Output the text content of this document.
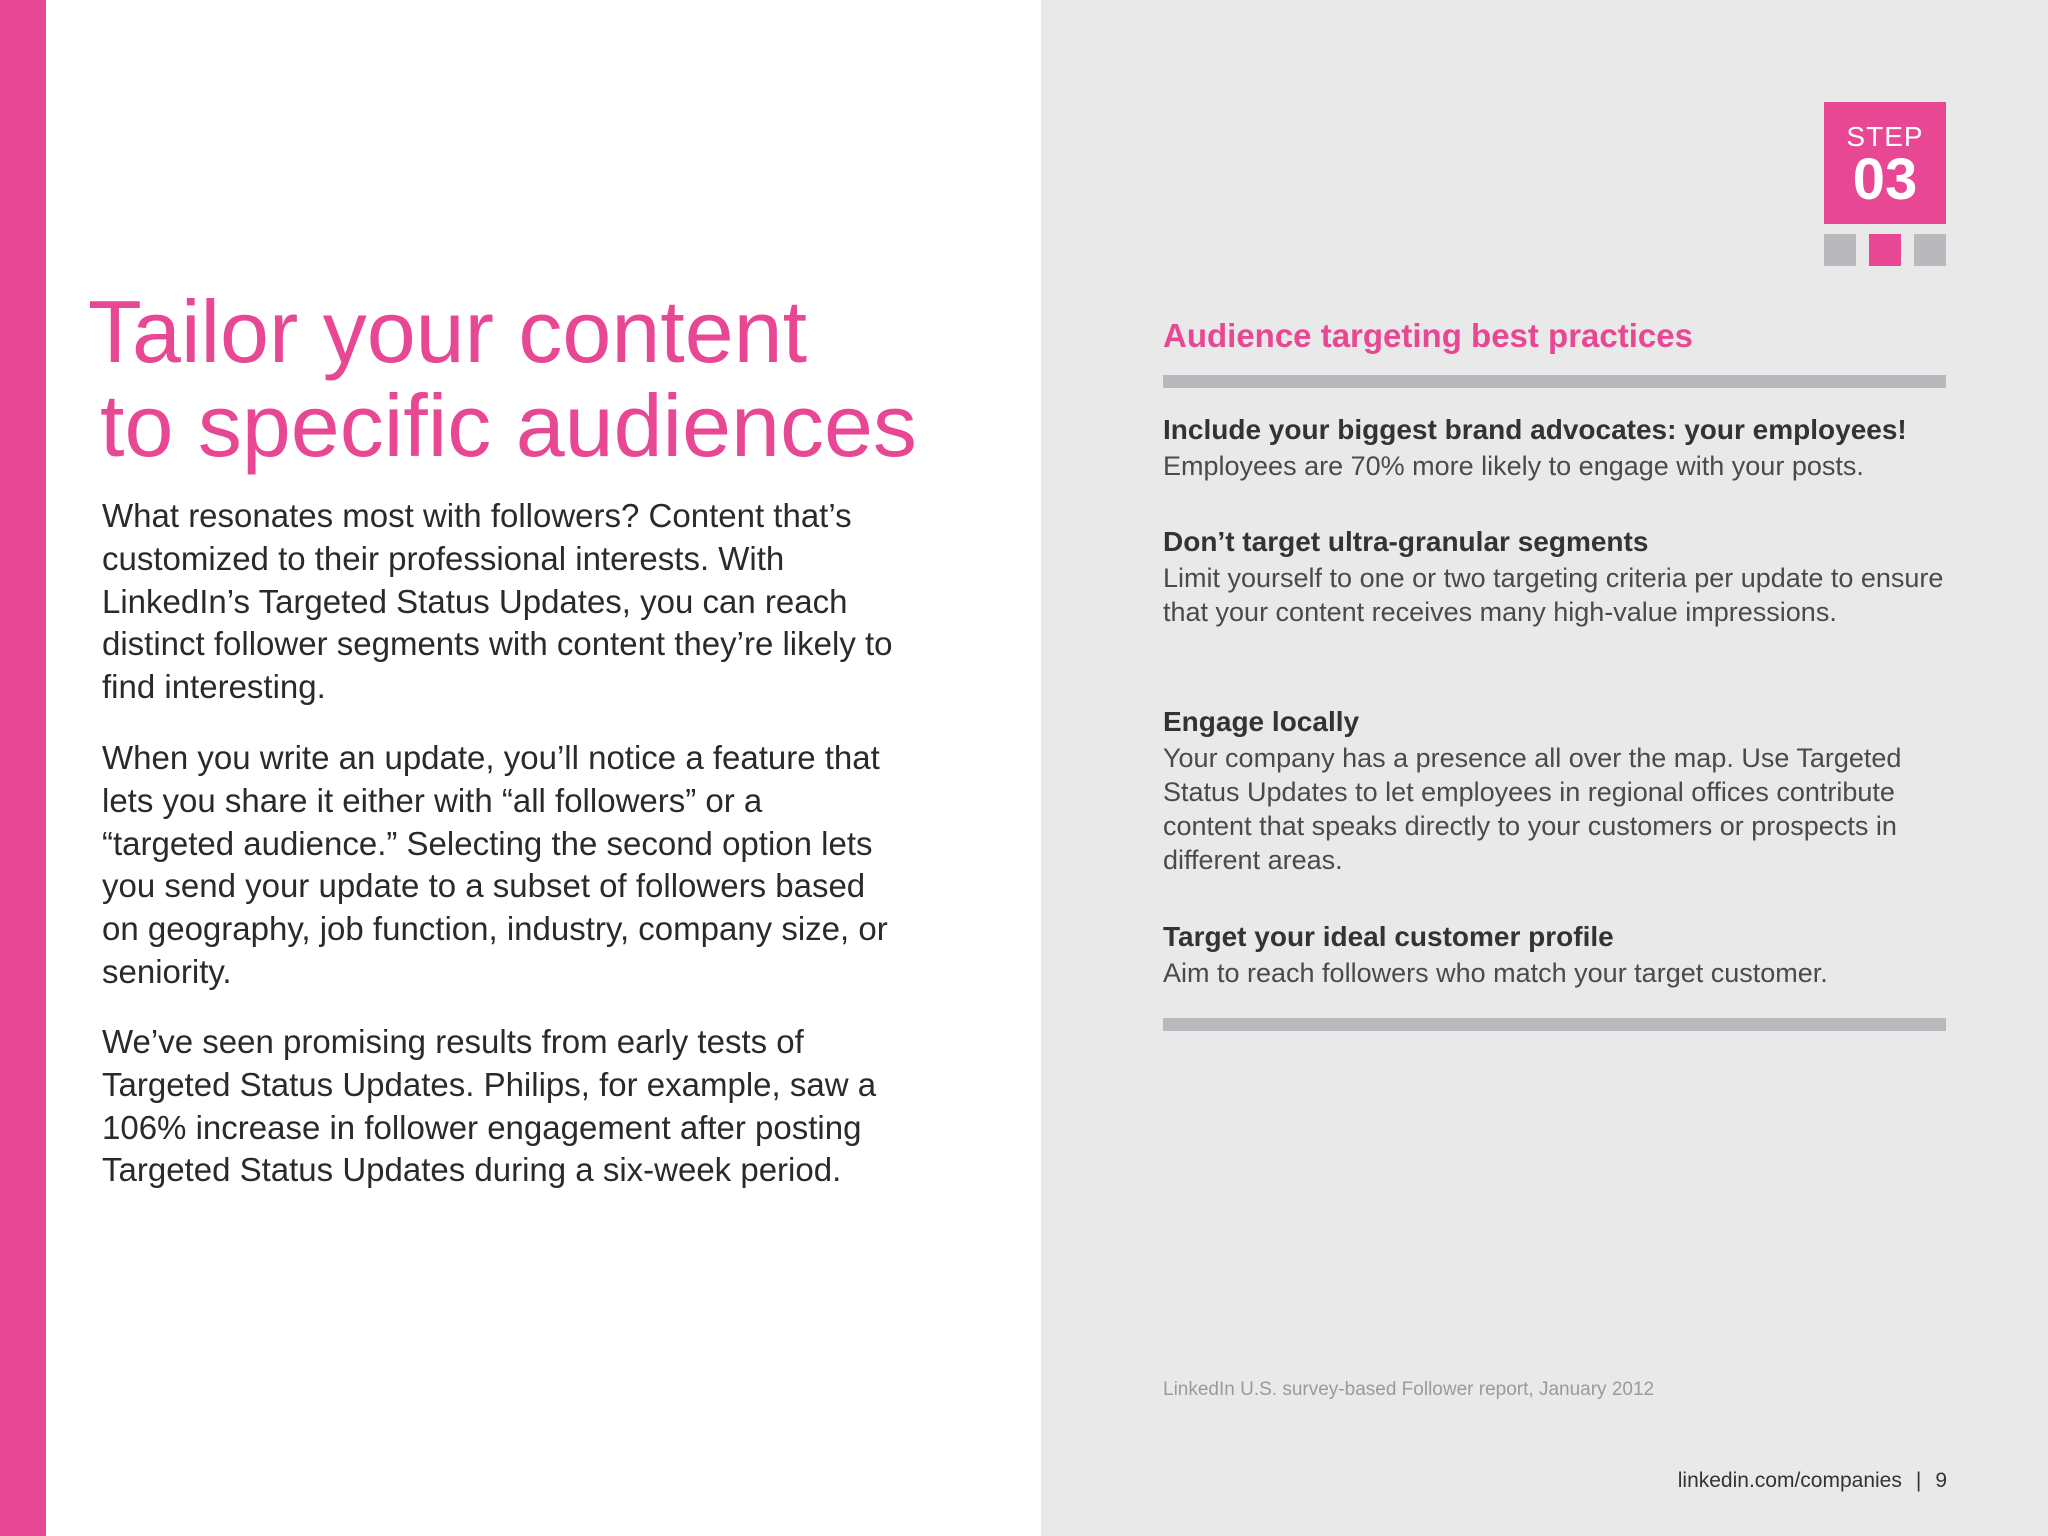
Tailor your content
to specific audiences

What resonates most with followers? Content that’s customized to their professional interests. With LinkedIn’s Targeted Status Updates, you can reach distinct follower segments with content they’re likely to find interesting.

When you write an update, you’ll notice a feature that lets you share it either with “all followers” or a “targeted audience.” Selecting the second option lets you send your update to a subset of followers based on geography, job function, industry, company size, or seniority.

We’ve seen promising results from early tests of Targeted Status Updates. Philips, for example, saw a 106% increase in follower engagement after posting Targeted Status Updates during a six-week period.

STEP
03
Audience targeting best practices

Include your biggest brand advocates: your employees!

Employees are 70% more likely to engage with your posts.

Don’t target ultra-granular segments

Limit yourself to one or two targeting criteria per update to ensure that your content receives many high-value impressions.

Engage locally

Your company has a presence all over the map. Use Targeted Status Updates to let employees in regional offices contribute content that speaks directly to your customers or prospects in different areas.

Target your ideal customer profile

Aim to reach followers who match your target customer.

LinkedIn U.S. survey-based Follower report, January 2012
linkedin.com/companies | 9
